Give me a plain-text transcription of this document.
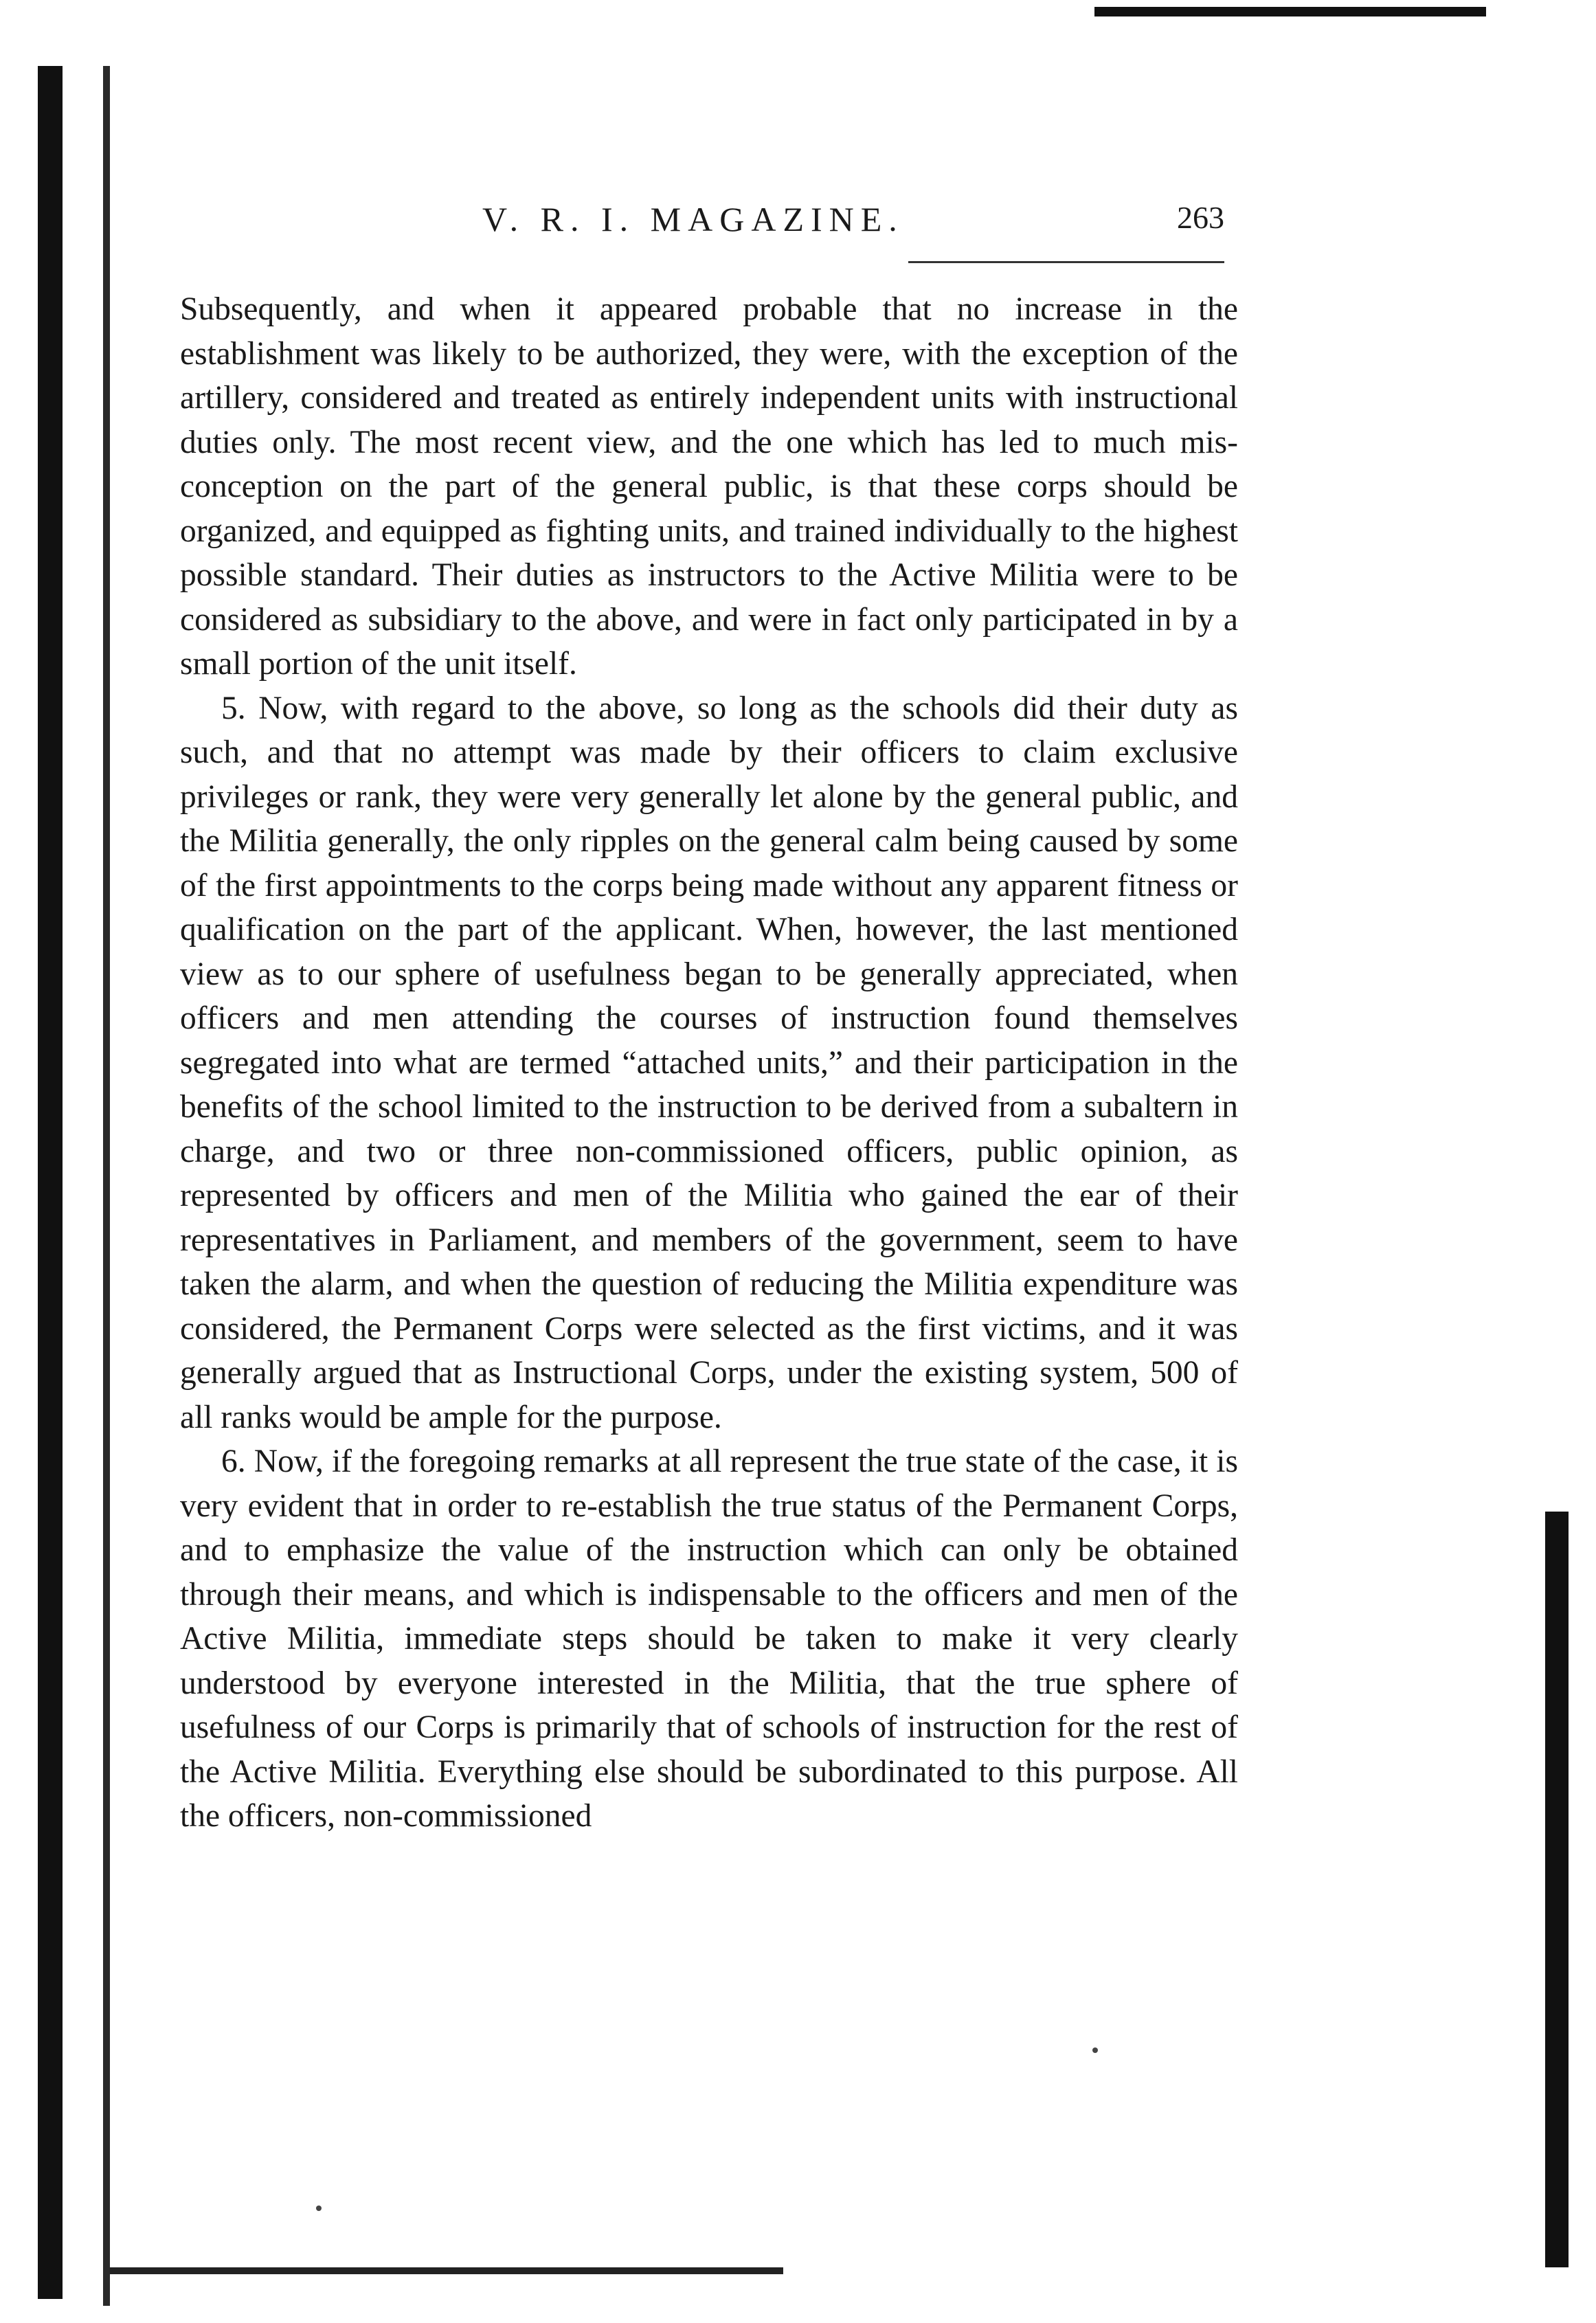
V. R. I. MAGAZINE.	263

Subsequently, and when it appeared probable that no increase in the establishment was likely to be authorized, they were, with the exception of the artillery, considered and treated as entirely independent units with instructional duties only. The most recent view, and the one which has led to much mis-conception on the part of the general public, is that these corps should be organized, and equipped as fighting units, and trained individually to the highest possible standard. Their duties as instructors to the Active Militia were to be considered as subsidiary to the above, and were in fact only participated in by a small portion of the unit itself.

5. Now, with regard to the above, so long as the schools did their duty as such, and that no attempt was made by their officers to claim exclusive privileges or rank, they were very generally let alone by the general public, and the Militia generally, the only ripples on the general calm being caused by some of the first appointments to the corps being made without any apparent fitness or qualification on the part of the applicant. When, however, the last mentioned view as to our sphere of usefulness began to be generally appreciated, when officers and men attending the courses of instruction found themselves segregated into what are termed “attached units,” and their participation in the benefits of the school limited to the instruction to be derived from a subaltern in charge, and two or three non-commissioned officers, public opinion, as represented by officers and men of the Militia who gained the ear of their representatives in Parliament, and members of the government, seem to have taken the alarm, and when the question of reducing the Militia expenditure was considered, the Permanent Corps were selected as the first victims, and it was generally argued that as Instructional Corps, under the existing system, 500 of all ranks would be ample for the purpose.

6. Now, if the foregoing remarks at all represent the true state of the case, it is very evident that in order to re-establish the true status of the Permanent Corps, and to emphasize the value of the instruction which can only be obtained through their means, and which is indispensable to the officers and men of the Active Militia, immediate steps should be taken to make it very clearly understood by everyone interested in the Militia, that the true sphere of usefulness of our Corps is primarily that of schools of instruction for the rest of the Active Militia. Everything else should be subordinated to this purpose. All the officers, non-commissioned
